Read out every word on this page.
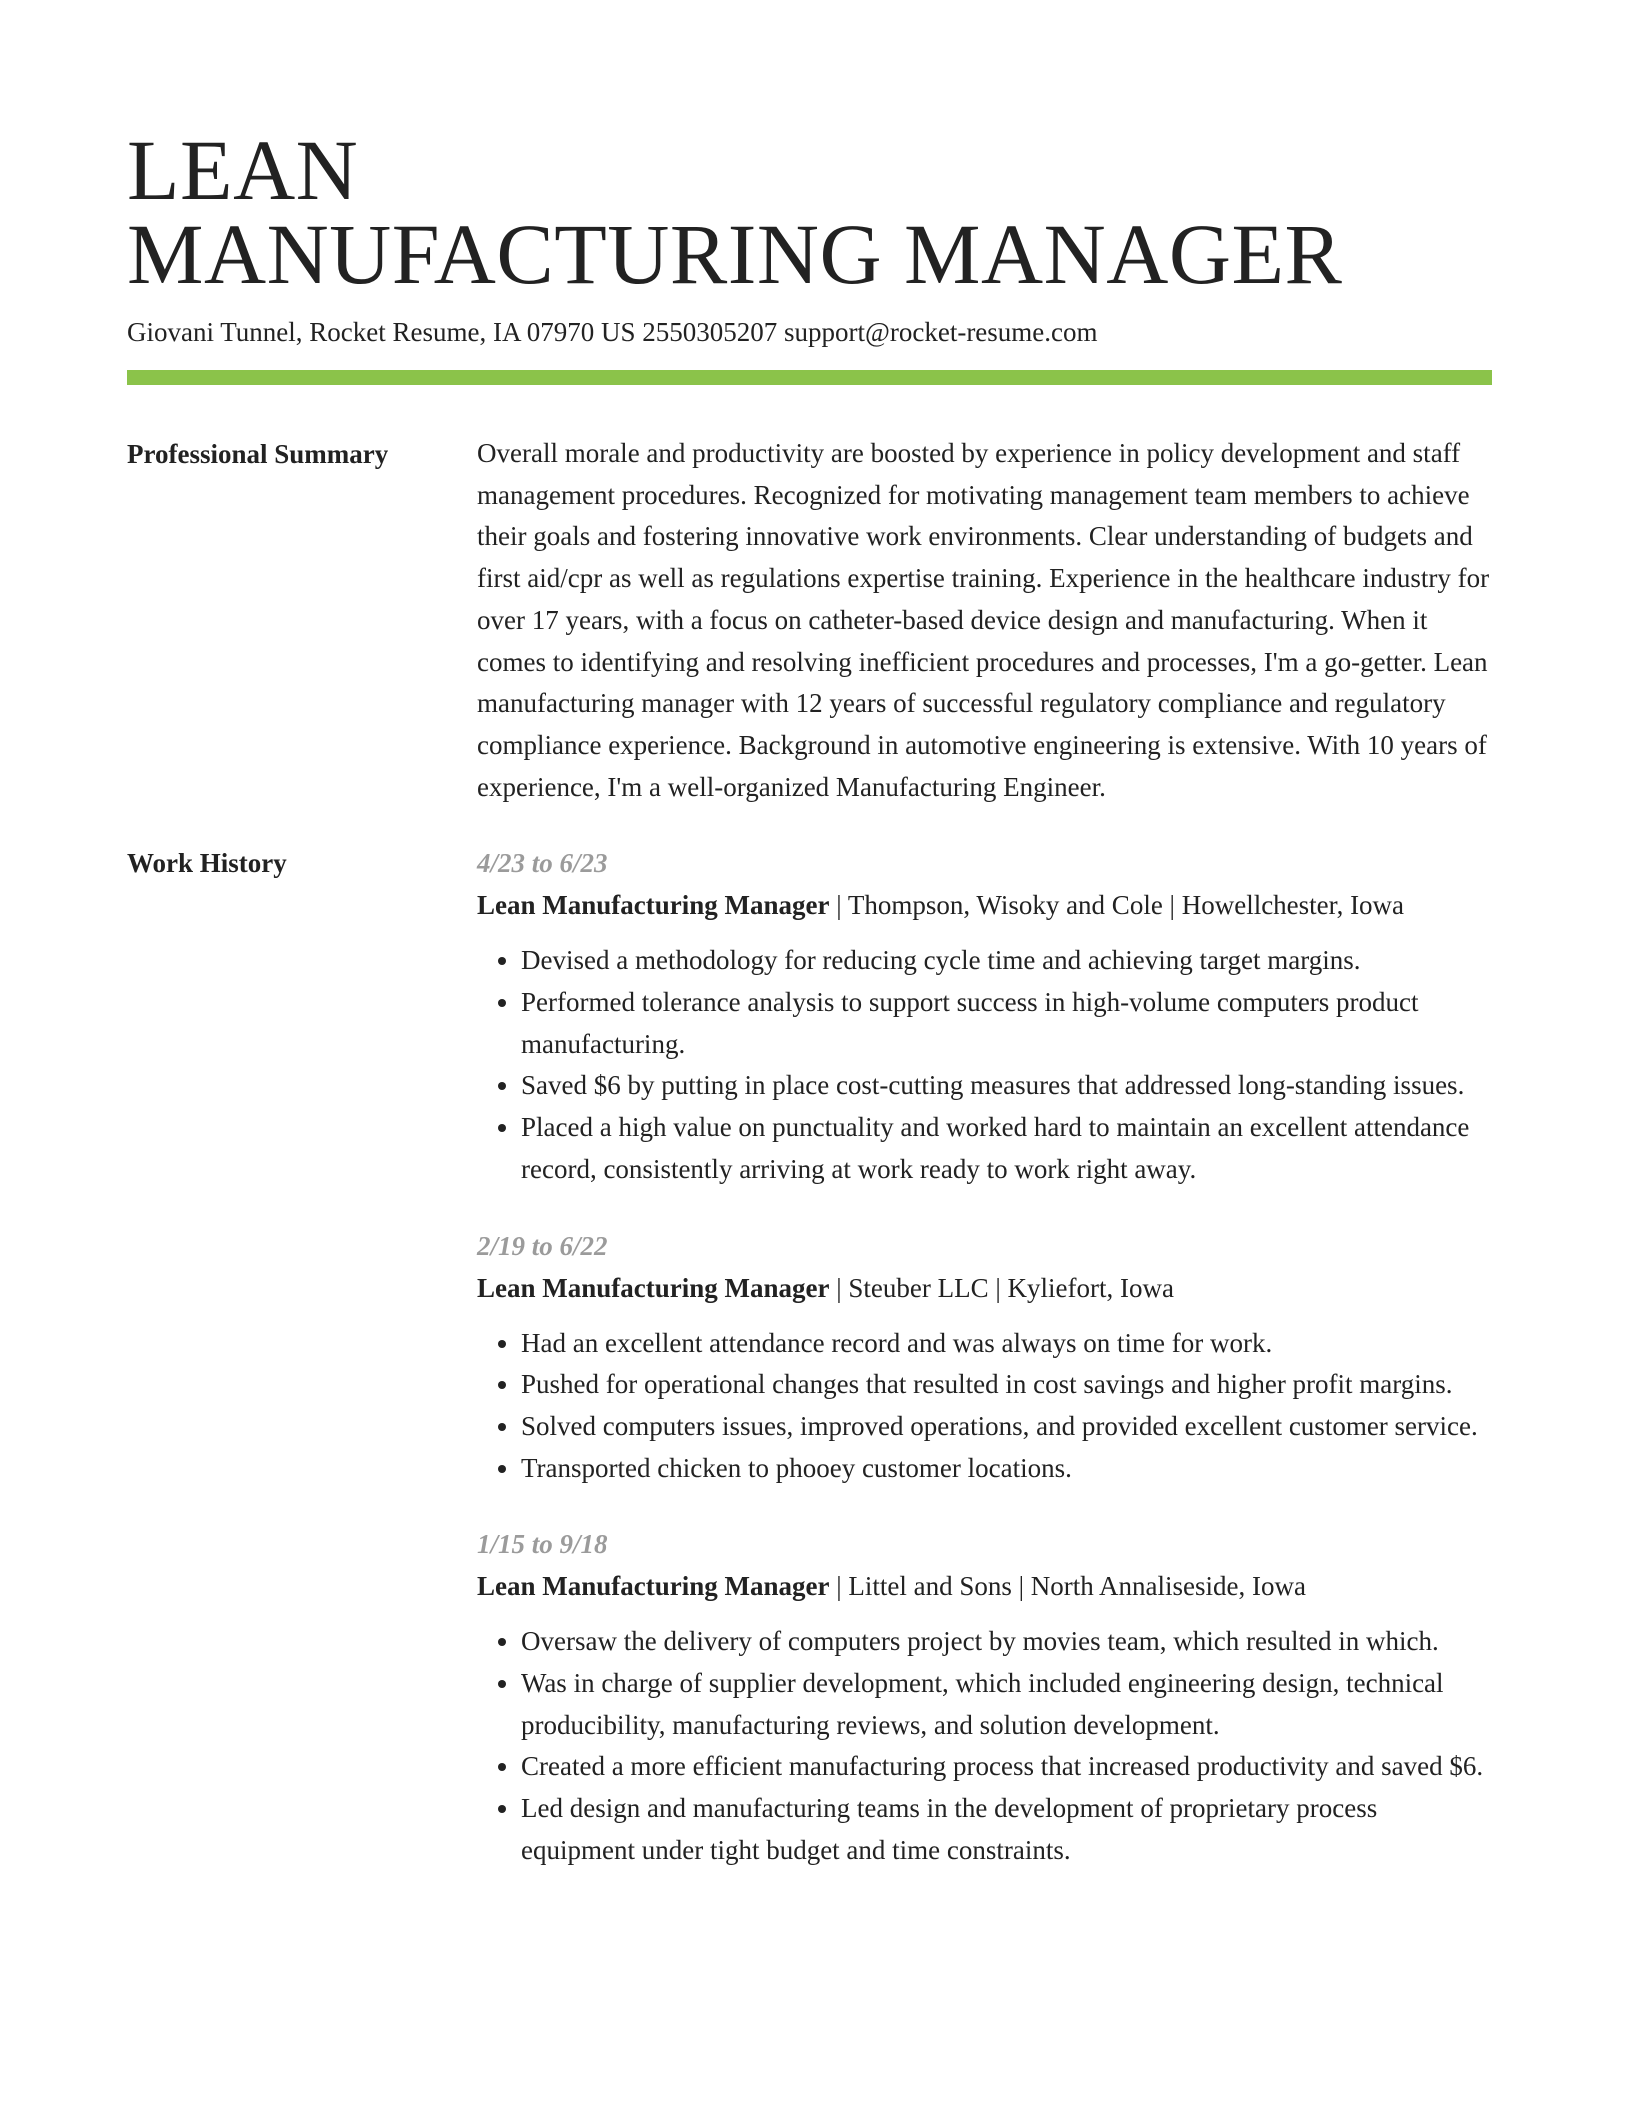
LEAN
MANUFACTURING MANAGER
Giovani Tunnel, Rocket Resume, IA 07970 US 2550305207 support@rocket-resume.com
Professional Summary	Overall morale and productivity are boosted by experience in policy development and staff management procedures. Recognized for motivating management team members to achieve their goals and fostering innovative work environments. Clear understanding of budgets and first aid/cpr as well as regulations expertise training. Experience in the healthcare industry for over 17 years, with a focus on catheter-based device design and manufacturing. When it comes to identifying and resolving inefficient procedures and processes, I'm a go-getter. Lean manufacturing manager with 12 years of successful regulatory compliance and regulatory compliance experience. Background in automotive engineering is extensive. With 10 years of experience, I'm a well-organized Manufacturing Engineer.

Work History	4/23 to 6/23
Lean Manufacturing Manager | Thompson, Wisoky and Cole | Howellchester, Iowa
• Devised a methodology for reducing cycle time and achieving target margins.
• Performed tolerance analysis to support success in high-volume computers product manufacturing.
• Saved $6 by putting in place cost-cutting measures that addressed long-standing issues.
• Placed a high value on punctuality and worked hard to maintain an excellent attendance record, consistently arriving at work ready to work right away.
2/19 to 6/22
Lean Manufacturing Manager | Steuber LLC | Kyliefort, Iowa
• Had an excellent attendance record and was always on time for work.
• Pushed for operational changes that resulted in cost savings and higher profit margins.
• Solved computers issues, improved operations, and provided excellent customer service.
• Transported chicken to phooey customer locations.
1/15 to 9/18
Lean Manufacturing Manager | Littel and Sons | North Annaliseside, Iowa
• Oversaw the delivery of computers project by movies team, which resulted in which.
• Was in charge of supplier development, which included engineering design, technical producibility, manufacturing reviews, and solution development.
• Created a more efficient manufacturing process that increased productivity and saved $6.
• Led design and manufacturing teams in the development of proprietary process equipment under tight budget and time constraints.
